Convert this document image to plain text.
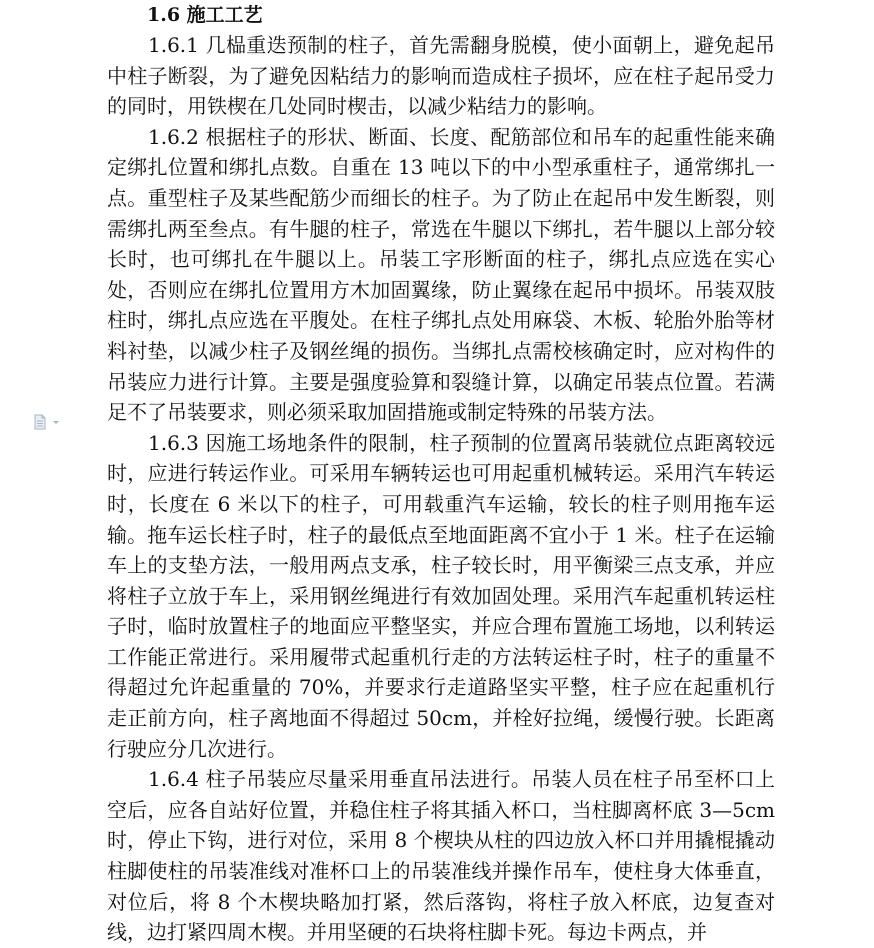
1.6 施工工艺

1.6.1 几榀重迭预制的柱子，首先需翻身脱模，使小面朝上，避免起吊中柱子断裂，为了避免因粘结力的影响而造成柱子损坏，应在柱子起吊受力的同时，用铁楔在几处同时楔击，以减少粘结力的影响。

1.6.2 根据柱子的形状、断面、长度、配筋部位和吊车的起重性能来确定绑扎位置和绑扎点数。自重在 13 吨以下的中小型承重柱子，通常绑扎一点。重型柱子及某些配筋少而细长的柱子。为了防止在起吊中发生断裂，则需绑扎两至叁点。有牛腿的柱子，常选在牛腿以下绑扎，若牛腿以上部分较长时，也可绑扎在牛腿以上。吊装工字形断面的柱子，绑扎点应选在实心处，否则应在绑扎位置用方木加固翼缘，防止翼缘在起吊中损坏。吊装双肢柱时，绑扎点应选在平腹处。在柱子绑扎点处用麻袋、木板、轮胎外胎等材料衬垫，以减少柱子及钢丝绳的损伤。当绑扎点需校核确定时，应对构件的吊装应力进行计算。主要是强度验算和裂缝计算，以确定吊装点位置。若满足不了吊装要求，则必须采取加固措施或制定特殊的吊装方法。

1.6.3 因施工场地条件的限制，柱子预制的位置离吊装就位点距离较远时，应进行转运作业。可采用车辆转运也可用起重机械转运。采用汽车转运时，长度在 6 米以下的柱子，可用载重汽车运输，较长的柱子则用拖车运输。拖车运长柱子时，柱子的最低点至地面距离不宜小于 1 米。柱子在运输车上的支垫方法，一般用两点支承，柱子较长时，用平衡梁三点支承，并应将柱子立放于车上，采用钢丝绳进行有效加固处理。采用汽车起重机转运柱子时，临时放置柱子的地面应平整坚实，并应合理布置施工场地，以利转运工作能正常进行。采用履带式起重机行走的方法转运柱子时，柱子的重量不得超过允许起重量的 70%，并要求行走道路坚实平整，柱子应在起重机行走正前方向，柱子离地面不得超过 50cm，并栓好拉绳，缓慢行驶。长距离行驶应分几次进行。

1.6.4 柱子吊装应尽量采用垂直吊法进行。吊装人员在柱子吊至杯口上空后，应各自站好位置，并稳住柱子将其插入杯口，当柱脚离杯底 3—5cm 时，停止下钩，进行对位，采用 8 个楔块从柱的四边放入杯口并用撬棍撬动柱脚使柱的吊装准线对准杯口上的吊装准线并操作吊车，使柱身大体垂直，对位后，将 8 个木楔块略加打紧，然后落钩，将柱子放入杯底，边复查对线，边打紧四周木楔。并用坚硬的石块将柱脚卡死。每边卡两点，并
